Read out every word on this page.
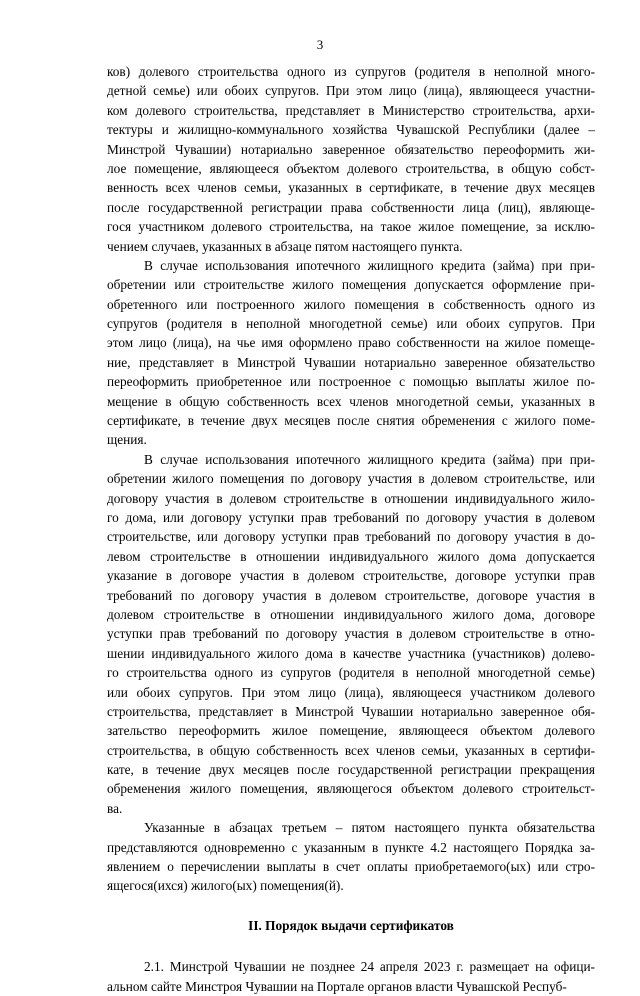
3
ков) долевого строительства одного из супругов (родителя в неполной много-
детной семье) или обоих супругов. При этом лицо (лица), являющееся участни-
ком долевого строительства, представляет в Министерство строительства, архи-
тектуры и жилищно-коммунального хозяйства Чувашской Республики (далее –
Минстрой Чувашии) нотариально заверенное обязательство переоформить жи-
лое помещение, являющееся объектом долевого строительства, в общую собст-
венность всех членов семьи, указанных в сертификате, в течение двух месяцев
после государственной регистрации права собственности лица (лиц), являюще-
гося участником долевого строительства, на такое жилое помещение, за исклю-
чением случаев, указанных в абзаце пятом настоящего пункта.
В случае использования ипотечного жилищного кредита (займа) при при-
обретении или строительстве жилого помещения допускается оформление при-
обретенного или построенного жилого помещения в собственность одного из
супругов (родителя в неполной многодетной семье) или обоих супругов. При
этом лицо (лица), на чье имя оформлено право собственности на жилое помеще-
ние, представляет в Минстрой Чувашии нотариально заверенное обязательство
переоформить приобретенное или построенное с помощью выплаты жилое по-
мещение в общую собственность всех членов многодетной семьи, указанных в
сертификате, в течение двух месяцев после снятия обременения с жилого поме-
щения.
В случае использования ипотечного жилищного кредита (займа) при при-
обретении жилого помещения по договору участия в долевом строительстве, или
договору участия в долевом строительстве в отношении индивидуального жило-
го дома, или договору уступки прав требований по договору участия в долевом
строительстве, или договору уступки прав требований по договору участия в до-
левом строительстве в отношении индивидуального жилого дома допускается
указание в договоре участия в долевом строительстве, договоре уступки прав
требований по договору участия в долевом строительстве, договоре участия в
долевом строительстве в отношении индивидуального жилого дома, договоре
уступки прав требований по договору участия в долевом строительстве в отно-
шении индивидуального жилого дома в качестве участника (участников) долево-
го строительства одного из супругов (родителя в неполной многодетной семье)
или обоих супругов. При этом лицо (лица), являющееся участником долевого
строительства, представляет в Минстрой Чувашии нотариально заверенное обя-
зательство переоформить жилое помещение, являющееся объектом долевого
строительства, в общую собственность всех членов семьи, указанных в сертифи-
кате, в течение двух месяцев после государственной регистрации прекращения
обременения жилого помещения, являющегося объектом долевого строительст-
ва.
Указанные в абзацах третьем – пятом настоящего пункта обязательства
представляются одновременно с указанным в пункте 4.2 настоящего Порядка за-
явлением о перечислении выплаты в счет оплаты приобретаемого(ых) или стро-
ящегося(ихся) жилого(ых) помещения(й).
II. Порядок выдачи сертификатов
2.1. Минстрой Чувашии не позднее 24 апреля 2023 г. размещает на офици-
альном сайте Минстроя Чувашии на Портале органов власти Чувашской Респуб-
